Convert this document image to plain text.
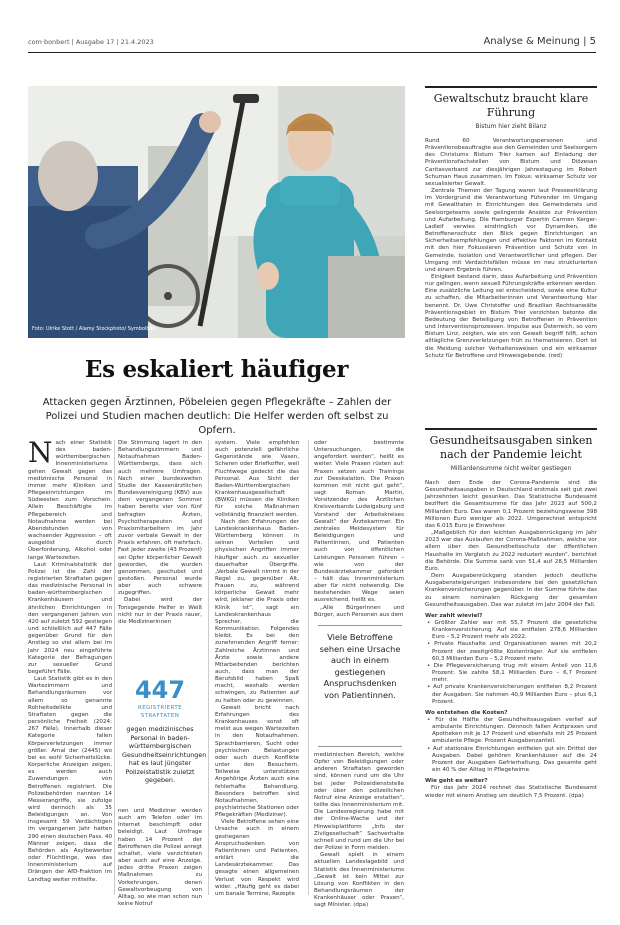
com·bonbert | Ausgabe 17 | 21.4.2023	Analyse & Meinung | 5
Foto: Ulrike Stott / Alamy Stockphoto/ Symbolbild
Es eskaliert häufiger
Attacken gegen Ärztinnen, Pöbeleien gegen Pflegekräfte – Zahlen der Polizei und Studien machen deutlich: Die Helfer werden oft selbst zu Opfern.

Nach einer Statistik des baden-württembergischen Innenministeriums gehen Gewalt gegen das medizinische Personal in immer mehr Kliniken und Pflegeeinrichtungen im Südwesten zum Vorschein. Allein Beschäftigte im Pflegebereich und Notaufnahme werden bei Abendstunden von wachsender Aggression – oft ausgelöst durch Überforderung, Alkohol oder lange Wartezeiten.

Laut Kriminalstatistik der Polizei ist die Zahl der registrierten Straftaten gegen das medizinische Personal in baden-württembergischen Krankenhäusern und ähnlichen Einrichtungen in den vergangenen Jahren von 420 auf zuletzt 592 gestiegen und schließlich auf 447 Fälle gegenüber Grund für den Anstieg so viel allem bei im Jahr 2024 neu eingeführte Kategorie der Befragungen zur sexueller Grund begeführt Fälle.

Laut Statistik gibt es in den Wartezimmern und Behandlungsräumen vor allem so genannte Rohheitsdelikte und Straftaten gegen die persönliche Freiheit (2024: 267 Fälle). Innerhalb dieser Kategorie fallen Körperverletzungen immer größer. Amal der (2445) wo bei es wohl Sicherheitslücke. Korperliche Anzeigen zeigen, es werden auch Zuwendungen von Betroffenen registriert. Die Polizeibehörden nannten 14 Messerangriffe, sie zufolge wird dennoch als 35 Beleidigungen an. Von insgesamt 59 Verdächtigen im vergangenen Jahr hatten 290 einen deutschen Pass. 40 Männer zeigen, dass die Behörden als Asylbewerber oder Flüchtlinge, was das Innenministerium auf Drängen der AfD-Fraktion im Landtag weiter mitteilte.

Die Stimmung lagert in den Behandlungszimmern und Notaufnahmen Baden-Württembergs, dass sich auch mehrere Umfragen. Nach einer bundesweiten Studie der Kassenärztlichen Bundesvereinigung (KBV) aus dem vergangenen Sommer haben bereits vier von fünf befragten Ärzten, Psychotherapeuten und Praxismitarbeitern im Jahr zuvor verbale Gewalt in der Praxis erfahren, oft mehrfach. Fast jeder zweite (43 Prozent) sei Opfer körperlicher Gewalt geworden, die wurden genommen, geschubst und gestoßen. Personal wurde aber auch schwere zugegriffen.

Dabei wird der Tonsgegende Helfer in Weiß nicht nur in der Praxis rauer, die Medizinerinnen

447
REGISTRIERTE STRAFTATEN
gegen medizinisches Personal in baden-württembergischen Gesundheitseinrichtungen hat es laut jüngster Polizeistatistik zuletzt gegeben.

nen und Mediziner werden auch am Telefon oder im Internet beschimpft oder beleidigt. Laut Umfrage haben 14 Prozent der Betroffenen die Polizei anregt schaltet, viele verzichteten aber auch auf eine Anzeige. Jedes dritte Praxen zeigen Maßnahmen zu Vorkehrungen, denen Gewaltvorbeugung von Alltag, so wie man schon nun keine Notruf

system. Viele empfehlen auch potenziell gefährliche Gegenstände wie Vasen, Scheren oder Briefkoffer, weil Fluchtwege gedeckt die das Personal. Aus Sicht der Baden-Württembergischen Krankenhausgesellschaft (BWKG) müssen die Kliniken für solche Maßnahmen vollständig finanziert werden.

Nach den Erfahrungen der Landeskrankenhaus Baden-Württemberg können in seinen Vorteilen und physischen Angriffen immer häufiger auch zu sexueller dauerhafter Übergriffe. „Verbale Gewalt nimmt in der Regel zu, gegenüber Alt, Frauen zu, während körperliche Gewalt mehr wird, jeklaner die Praxis oder Klinik ist“, sagt ein Landeskrankenhaus Sprecher, die Kommunikation. Folgendes bleibt. Es bei den zunehmenden Angriff ferner: Zahlreiche Ärztinnen und Ärzte sowie andere Mitarbeitenden berichten auch, dass man der Berufsbild haben Spaß macht, weshalb werden schwingen, zu Patienten auf zu halten oder zu gewinnen.

Gewalt bricht nach Erfahrungen des Krankenhauses sonst oft meist aus wegen Wartezeiten in den Notaufnahmen. Sprachbarrieren, Sucht oder psychischen Belastungen oder auch durch Konflikte unter den Besuchern. Teilweise unterstützen Angehörige Ärzten auch eine fehlerhafte Behandlung. Besonders betroffen sind Notaufnahmen, psychiatrische Stationen oder Pflegekräften (Mediziner).

Viele Betroffene sehen eine Ursache auch in einem gestiegenen Anspruchsdenken von Patientinnen und Patienten, erklärt die Landesärztekammer. Das gesagte einen allgemeinen Verlust von Respekt wird wider. „Häufig geht es dabei um banale Termine, Rezepte

oder bestimmte Untersuchungen, die angefordert werden“, heißt es weiter. Viele Praxen rüsten auf: Praxen setzen auch Trainings zur Deeskalation. Die Praxen kommen mit nicht gut geht“, sagt Roman Martin, Vorsitzender des Ärztlichen Kreisverbands Ludwigsburg und Vorstand der Arbeitskreises Gewalt“ der Ärztekammer. Ein zentrales Meldesystem für Beleidigungen und Patientinnen, und Patienten auch von öffentlichen Leistungen Personen führen – wie von der Bundesärztekammer gefordert – hält das Innenministerium aber für nicht notwendig. Die bestehenden Wege seien ausreichend, heißt es.

„Alle Bürgerinnen und Bürger, auch Personen aus dem

Viele Betroffene sehen eine Ursache auch in einem gestiegenen Anspruchsdenken von Patientinnen.

medizinischen Bereich, welche Opfer von Beleidigungen oder anderen Straftaten geworden sind, können rund um die Uhr bei jeder Polizeidienststelle oder über den polizeilichen Notruf eine Anzeige erstatten“, teilte das Innenministerium mit. Die Landesregierung habe mit der Online-Wache und der Hinweisplattform „Info der Zivilgesellschaft“ Sachverhalte schnell und rund um die Uhr bei der Polizei in Form melden.

Gewalt spielt in einem aktuellen Landeslagebild und Statistik des Innenministeriums „Gewalt ist kein Mittel zur Lösung von Konflikten in den Behandlungsräumen der Krankenhäuser oder Praxen“, sagt Minister. (dpa)

Gewaltschutz braucht klare Führung
Bistum hier zieht Bilanz

Rund 60 Verantwortungspersonen und Präventionsbeauftragte aus den Gemeinden und Seelsorgern des Christums Bistum Trier kamen auf Einladung der Präventionsfachstellen von Bistum und Diözesan Caritasverband zur diesjährigen Jahrestagung im Robert Schuman Haus zusammen. Im Fokus: wirksamer Schutz vor sexualisierter Gewalt.

Zentrale Themen der Tagung waren laut Presseerklärung im Vordergrund die Verantwortung Führender im Umgang mit Gewalttaten in Einrichtungen des Gemeinderats und Seelsorgeteams sowie gelingende Ansätze zur Prävention und Aufarbeitung. Die Hamburger Expertin Carmen Kerger-Ladleif verwies eindringlich vor Dynamiken, die Betroffenenschutz den Blick gegen Einrichtungen an Sicherheitsempfehlungen und effektive Faktoren im Kontakt mit den hier Fokussieren Prävention und Schutz von in Gemeinde, Isolation und Verantwortlicher und pflegen. Der Umgang mit Verdachtsfällen müsse im neu strukturierten und einem Ergebnis führen.

Einigkeit bestand darin, dass Aufarbeitung und Prävention nur gelingen, wenn sexuell Führungskräfte erkennen werden. Eine zusätzliche Leitung sei entscheidend, sowie eine Kultur zu schaffen, die Mitarbeiterinnen und Verantwortung klar benennt. Dr. Uwe Christoffer und Brazilian Rechtsanwälte Präventionsgebiet im Bistum Trier verzichten betonte die Bedeutung der Beteiligung von Betroffenen in Prävention und Interventionsprozessen. Impulse aus Österreich, so vom Bistum Linz, zeigten, wie ein von Gewalt begriff hilft, schon alltägliche Grenzverletzungen früh zu thematisieren. Dort ist die Meldung solcher Verhaltensweisen und ein wirksamer Schutz für Betroffene und Hinweisgebende. (red)

Gesundheitsausgaben sinken nach der Pandemie leicht
Milliardensumme nicht weiter gestiegen

Nach dem Ende der Corona-Pandemie sind die Gesundheitsausgaben in Deutschland erstmals seit gut zwei Jahrzehnten leicht gesunken. Das Statistische Bundesamt beziffert die Gesamtsumme für das Jahr 2023 auf 500,2 Milliarden Euro. Das waren 0,1 Prozent beziehungsweise 398 Millionen Euro weniger als 2022. Umgerechnet entspricht das 6.015 Euro je Einwohner.

„Maßgeblich für den leichten Ausgabenrückgang im Jahr 2023 war das Auslaufen der Corona-Maßnahmen, welche vor allem über den Gesundheitsschutz der öffentlichen Haushalte im Vergleich zu 2022 reduziert wurden“, berichtet die Behörde. Die Summe sank von 51,4 auf 28,5 Milliarden Euro.

Dem Ausgabenrückgang standen jedoch deutliche Ausgabensteigerungen insbesondere bei den gesetzlichen Krankenversicherungen gegenüber. In der Summe führte das zu einem nominalen Rückgang der gesamten Gesundheitsausgaben. Das war zuletzt im Jahr 2004 der Fall.

Wer zahlt wieviel?

• Größter Zahler war mit 55,7 Prozent die gesetzliche Krankenversicherung. Auf sie entfielen 278,6 Milliarden Euro – 5,2 Prozent mehr als 2022.

• Private Haushalte und Organisationen waren mit 20,2 Prozent der zweitgrößte Kostenträger. Auf sie entfielen 60,3 Milliarden Euro – 5,2 Prozent mehr.

• Die Pflegeversicherung trug mit einem Anteil von 11,6 Prozent: Sie zahlte 58,1 Milliarden Euro – 6,7 Prozent mehr.

• Auf private Krankenversicherungen entfielen 8,2 Prozent der Ausgaben. Sie nahmen 40,9 Milliarden Euro – plus 6,1 Prozent.

Wo entstehen die Kosten?

• Für die Hälfte der Gesundheitsausgaben verlief auf ambulante Einrichtungen. Dennoch fallen Arztpraxen und Apotheken mit je 17 Prozent und ebenfalls mit 25 Prozent ambulante Pflege. Prozent Ausgabenzanteil.

• Auf stationäre Einrichtungen entfielen gut ein Drittel der Ausgaben. Dabei gehören Krankenhäuser auf die 24 Prozent der Ausgaben Gefrierhaltung. Das gesamte geht ein 40 % der Alltag in Pflegeheime.

Wie geht es weiter?

Für das Jahr 2024 rechnet das Statistische Bundesamt wieder mit einem Anstieg um deutlich 7,5 Prozent. (dpa)
